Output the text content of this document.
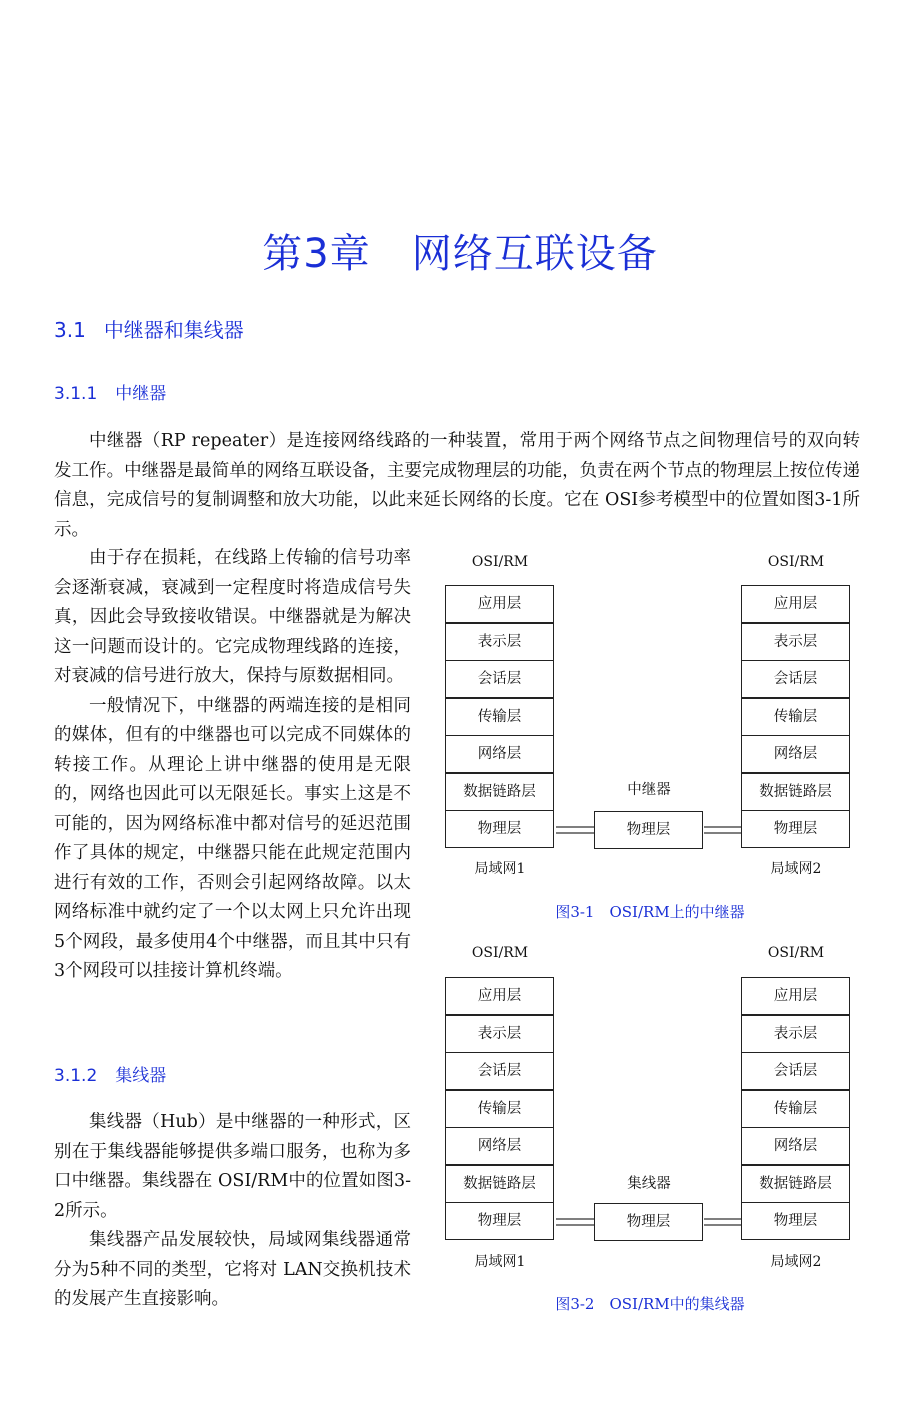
第3章　网络互联设备
3.1 中继器和集线器
3.1.1 中继器

中继器（RP repeater）是连接网络线路的一种装置，常用于两个网络节点之间物理信号的双向转发工作。中继器是最简单的网络互联设备，主要完成物理层的功能，负责在两个节点的物理层上按位传递信息，完成信号的复制调整和放大功能，以此来延长网络的长度。它在 OSI参考模型中的位置如图3-1所示。

由于存在损耗，在线路上传输的信号功率会逐渐衰减，衰减到一定程度时将造成信号失真，因此会导致接收错误。中继器就是为解决这一问题而设计的。它完成物理线路的连接，对衰减的信号进行放大，保持与原数据相同。

一般情况下，中继器的两端连接的是相同的媒体，但有的中继器也可以完成不同媒体的转接工作。从理论上讲中继器的使用是无限的，网络也因此可以无限延长。事实上这是不可能的，因为网络标准中都对信号的延迟范围作了具体的规定，中继器只能在此规定范围内进行有效的工作，否则会引起网络故障。以太网络标准中就约定了一个以太网上只允许出现 5个网段，最多使用4个中继器，而且其中只有3个网段可以挂接计算机终端。

3.1.2 集线器

集线器（Hub）是中继器的一种形式，区别在于集线器能够提供多端口服务，也称为多口中继器。集线器在 OSI/RM中的位置如图3-2所示。

集线器产品发展较快，局域网集线器通常分为5种不同的类型，它将对 LAN交换机技术的发展产生直接影响。

OSI/RM	OSI/RM
应用层
表示层
会话层
传输层
网络层
数据链路层
物理层
应用层
表示层
会话层
传输层
网络层
数据链路层
物理层
中继器
物理层
局域网1	局域网2
图3-1　OSI/RM上的中继器
OSI/RM	OSI/RM
应用层
表示层
会话层
传输层
网络层
数据链路层
物理层
应用层
表示层
会话层
传输层
网络层
数据链路层
物理层
集线器
物理层
局域网1	局域网2
图3-2　OSI/RM中的集线器
